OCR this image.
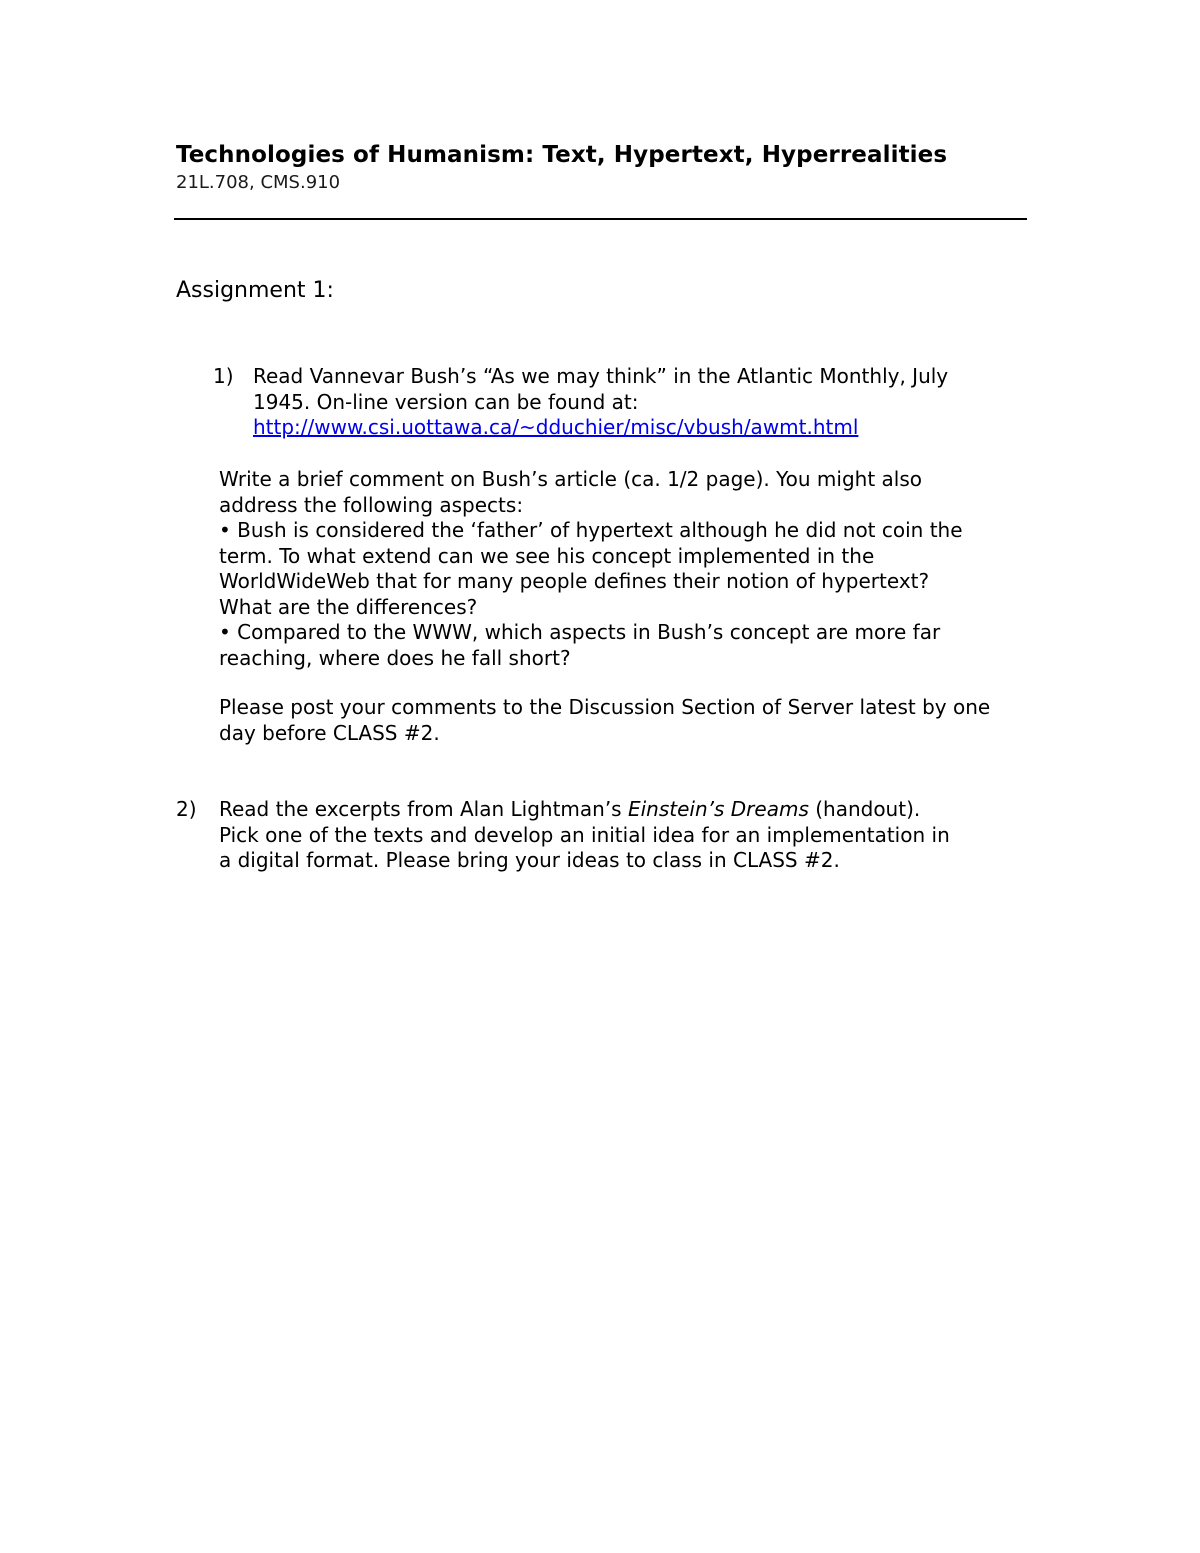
Technologies of Humanism: Text, Hypertext, Hyperrealities
21L.708, CMS.910
Assignment 1:
1) Read Vannevar Bush’s “As we may think” in the Atlantic Monthly, July
1945. On-line version can be found at:
http://www.csi.uottawa.ca/~dduchier/misc/vbush/awmt.html
Write a brief comment on Bush’s article (ca. 1/2 page). You might also
address the following aspects:
• Bush is considered the ‘father’ of hypertext although he did not coin the
term. To what extend can we see his concept implemented in the
WorldWideWeb that for many people defines their notion of hypertext?
What are the differences?
• Compared to the WWW, which aspects in Bush’s concept are more far
reaching, where does he fall short?
Please post your comments to the Discussion Section of Server latest by one
day before CLASS #2.
2) Read the excerpts from Alan Lightman’s Einstein’s Dreams (handout).
Pick one of the texts and develop an initial idea for an implementation in
a digital format. Please bring your ideas to class in CLASS #2.
